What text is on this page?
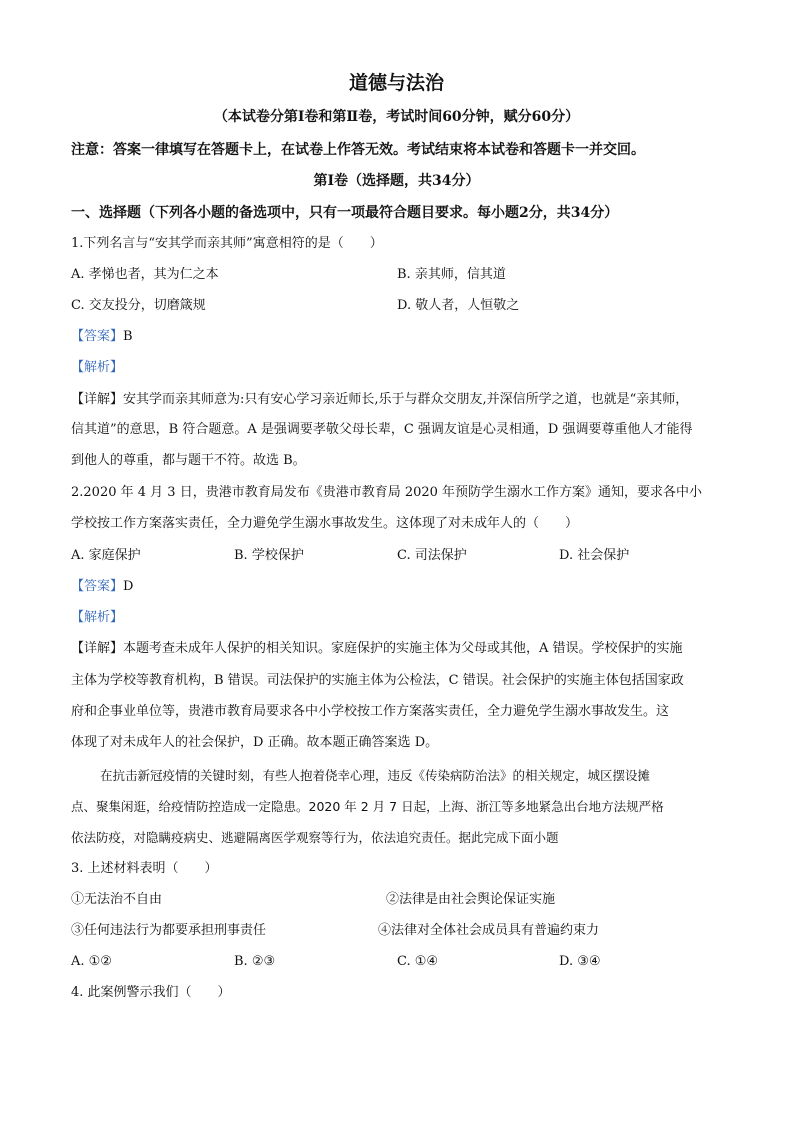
道德与法治
（本试卷分第Ⅰ卷和第Ⅱ卷，考试时间60分钟，赋分60分）
注意：答案一律填写在答题卡上，在试卷上作答无效。考试结束将本试卷和答题卡一并交回。
第Ⅰ卷（选择题，共34分）
一、选择题（下列各小题的备选项中，只有一项最符合题目要求。每小题2分，共34分）
1.下列名言与“安其学而亲其师”寓意相符的是（　　）
A. 孝悌也者，其为仁之本	B. 亲其师，信其道
C. 交友投分，切磨箴规	D. 敬人者，人恒敬之
【答案】B
【解析】
【详解】安其学而亲其师意为:只有安心学习亲近师长,乐于与群众交朋友,并深信所学之道，也就是“亲其师，
信其道”的意思，B 符合题意。A 是强调要孝敬父母长辈，C 强调友谊是心灵相通，D 强调要尊重他人才能得
到他人的尊重，都与题干不符。故选 B。
2.2020 年 4 月 3 日，贵港市教育局发布《贵港市教育局 2020 年预防学生溺水工作方案》通知，要求各中小
学校按工作方案落实责任，全力避免学生溺水事故发生。这体现了对未成年人的（　　）
A. 家庭保护	B. 学校保护	C. 司法保护	D. 社会保护
【答案】D
【解析】
【详解】本题考查未成年人保护的相关知识。家庭保护的实施主体为父母或其他，A 错误。学校保护的实施
主体为学校等教育机构，B 错误。司法保护的实施主体为公检法，C 错误。社会保护的实施主体包括国家政
府和企事业单位等，贵港市教育局要求各中小学校按工作方案落实责任，全力避免学生溺水事故发生。这
体现了对未成年人的社会保护，D 正确。故本题正确答案选 D。
在抗击新冠疫情的关键时刻，有些人抱着侥幸心理，违反《传染病防治法》的相关规定，城区摆设摊
点、聚集闲逛，给疫情防控造成一定隐患。2020 年 2 月 7 日起，上海、浙江等多地紧急出台地方法规严格
依法防疫，对隐瞒疫病史、逃避隔离医学观察等行为，依法追究责任。据此完成下面小题
3. 上述材料表明（　　）
①无法治不自由	②法律是由社会舆论保证实施
③任何违法行为都要承担刑事责任	④法律对全体社会成员具有普遍约束力
A. ①②	B. ②③	C. ①④	D. ③④
4. 此案例警示我们（　　）
